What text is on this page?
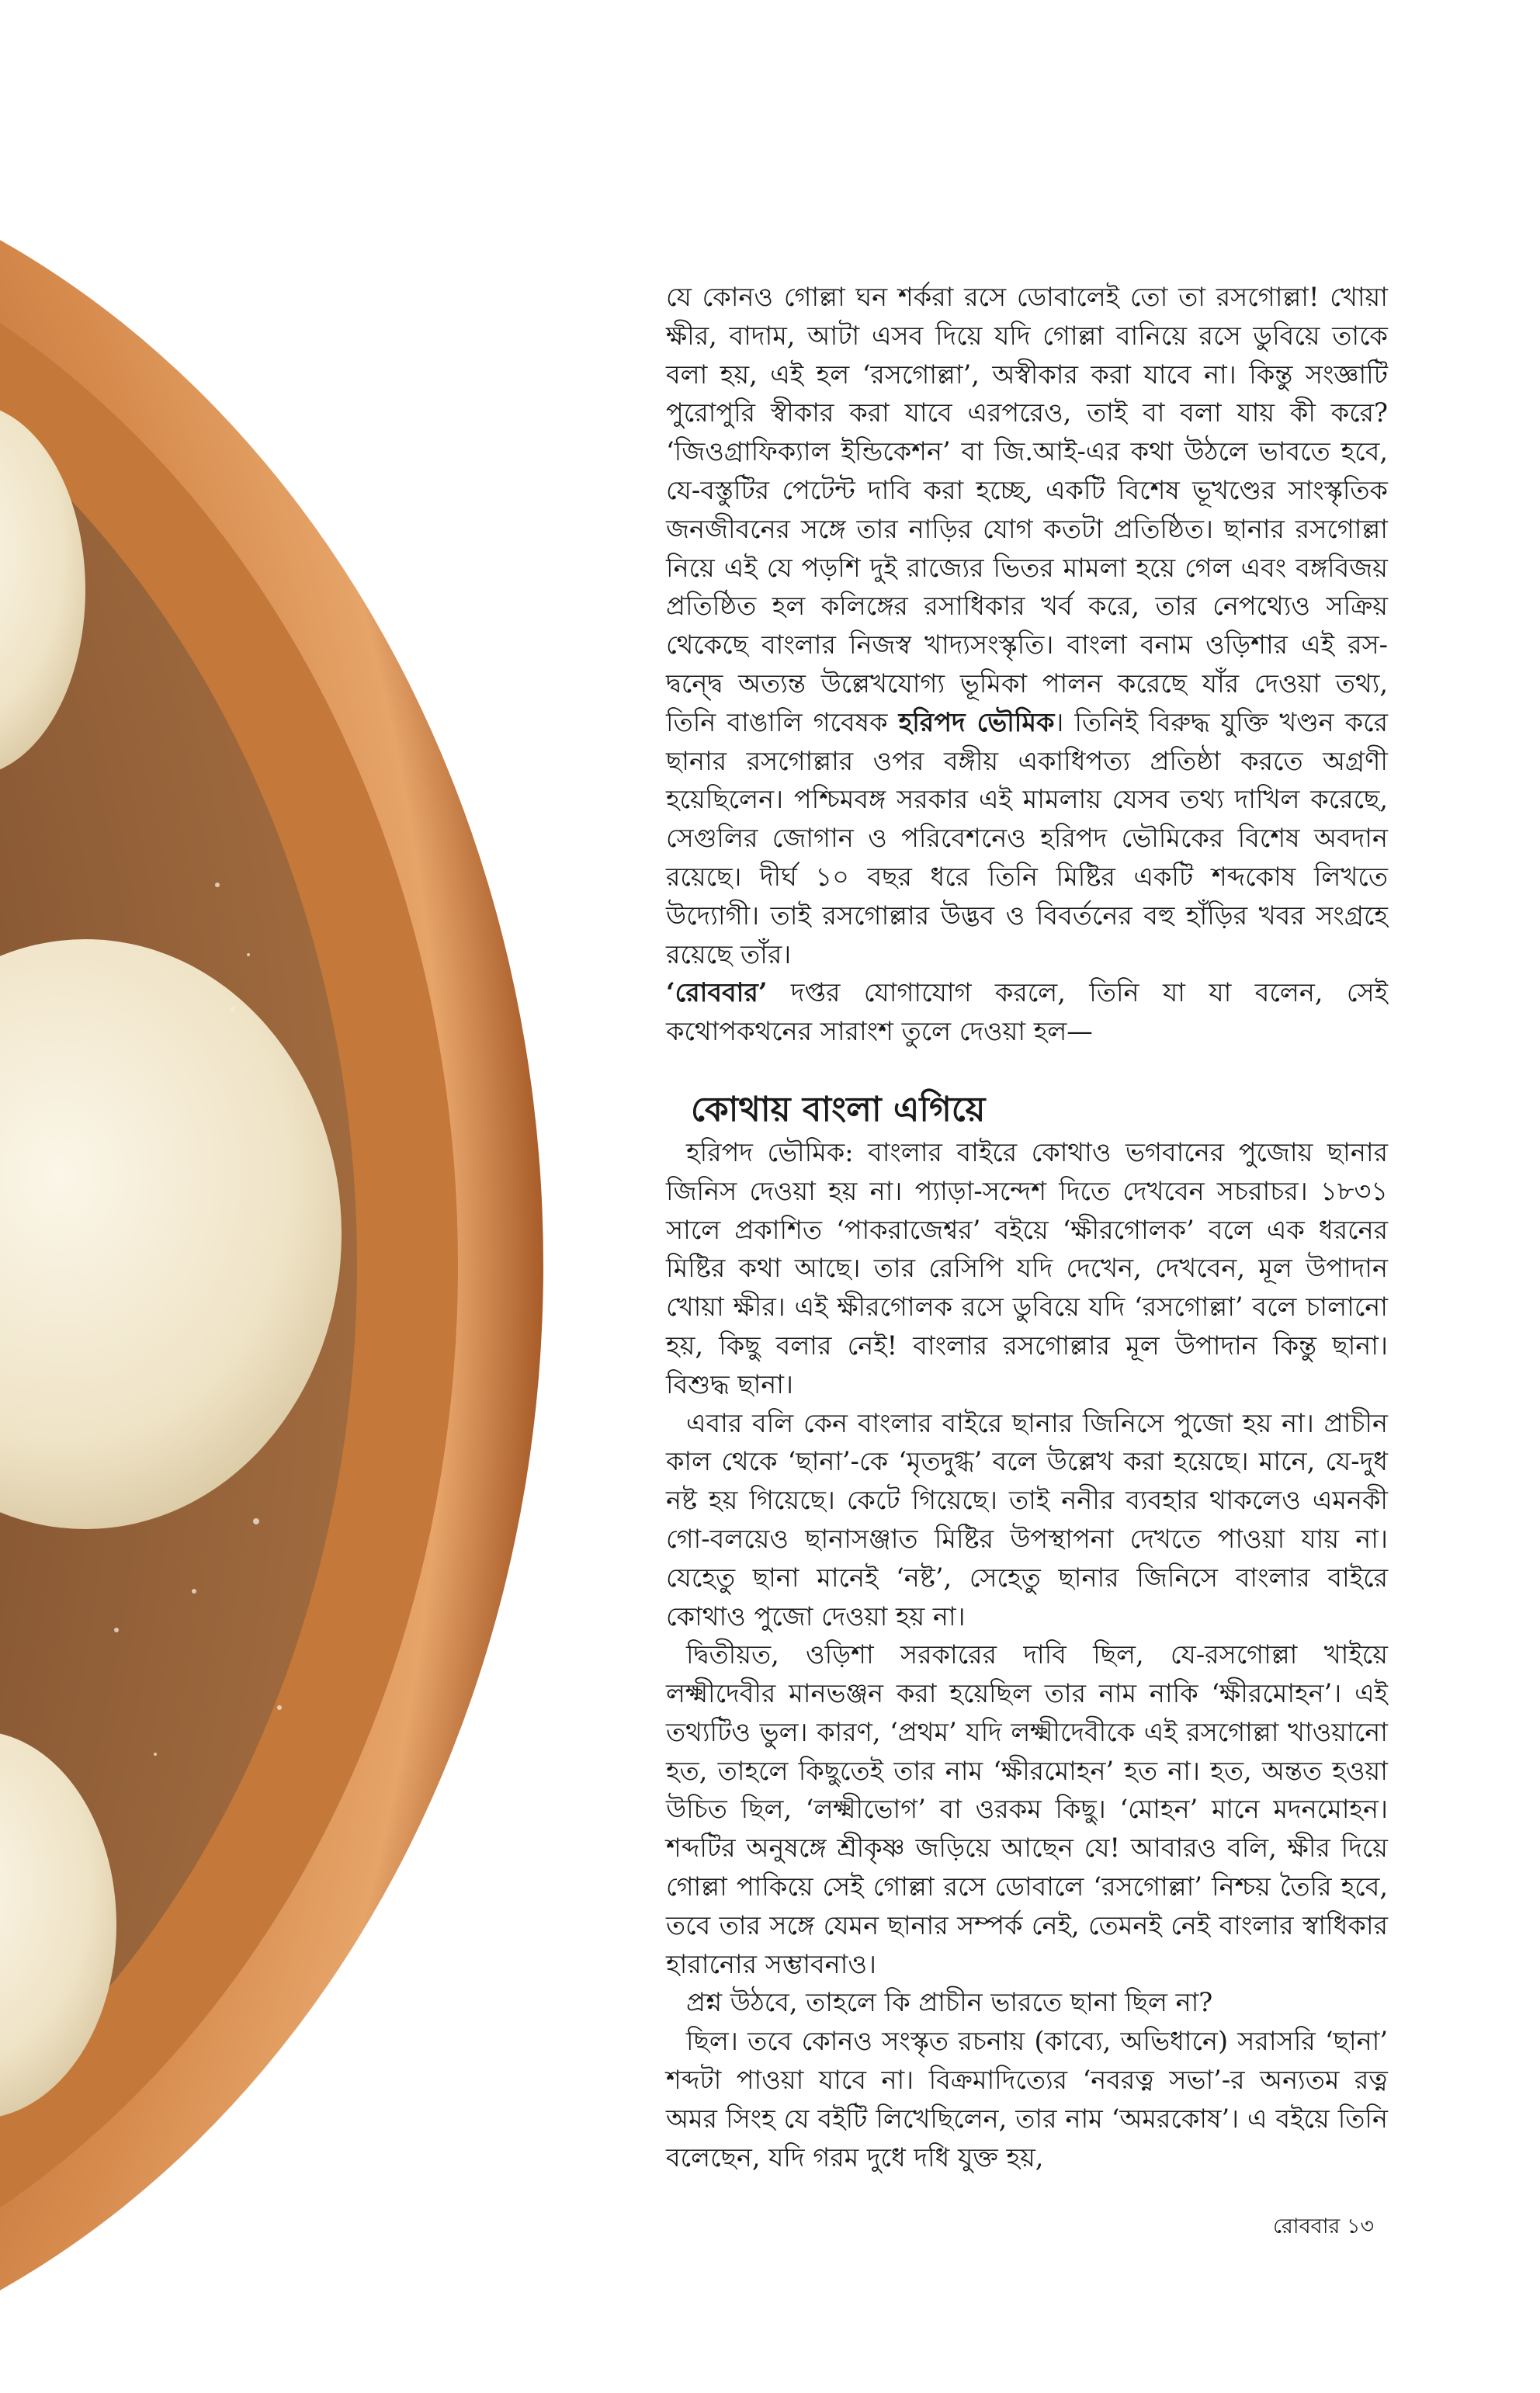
যে কোনও গোল্লা ঘন শর্করা রসে ডোবালেই তো তা রসগোল্লা! খোয়া ক্ষীর, বাদাম, আটা এসব দিয়ে যদি গোল্লা বানিয়ে রসে ডুবিয়ে তাকে বলা হয়, এই হল ‘রসগোল্লা’, অস্বীকার করা যাবে না। কিন্তু সংজ্ঞাটি পুরোপুরি স্বীকার করা যাবে এরপরেও, তাই বা বলা যায় কী করে? ‘জিওগ্রাফিক্যাল ইন্ডিকেশন’ বা জি.আই-এর কথা উঠলে ভাবতে হবে, যে-বস্তুটির পেটেন্ট দাবি করা হচ্ছে, একটি বিশেষ ভূখণ্ডের সাংস্কৃতিক জনজীবনের সঙ্গে তার নাড়ির যোগ কতটা প্রতিষ্ঠিত। ছানার রসগোল্লা নিয়ে এই যে পড়শি দুই রাজ্যের ভিতর মামলা হয়ে গেল এবং বঙ্গবিজয় প্রতিষ্ঠিত হল কলিঙ্গের রসাধিকার খর্ব করে, তার নেপথ্যেও সক্রিয় থেকেছে বাংলার নিজস্ব খাদ্যসংস্কৃতি। বাংলা বনাম ওড়িশার এই রস-দ্বন্দ্বে অত্যন্ত উল্লেখযোগ্য ভূমিকা পালন করেছে যাঁর দেওয়া তথ্য, তিনি বাঙালি গবেষক হরিপদ ভৌমিক। তিনিই বিরুদ্ধ যুক্তি খণ্ডন করে ছানার রসগোল্লার ওপর বঙ্গীয় একাধিপত্য প্রতিষ্ঠা করতে অগ্রণী হয়েছিলেন। পশ্চিমবঙ্গ সরকার এই মামলায় যেসব তথ্য দাখিল করেছে, সেগুলির জোগান ও পরিবেশনেও হরিপদ ভৌমিকের বিশেষ অবদান রয়েছে। দীর্ঘ ১০ বছর ধরে তিনি মিষ্টির একটি শব্দকোষ লিখতে উদ্যোগী। তাই রসগোল্লার উদ্ভব ও বিবর্তনের বহু হাঁড়ির খবর সংগ্রহে রয়েছে তাঁর।
‘রোববার’ দপ্তর যোগাযোগ করলে, তিনি যা যা বলেন, সেই কথোপকথনের সারাংশ তুলে দেওয়া হল—

কোথায় বাংলা এগিয়ে

হরিপদ ভৌমিক: বাংলার বাইরে কোথাও ভগবানের পুজোয় ছানার জিনিস দেওয়া হয় না। প্যাড়া-সন্দেশ দিতে দেখবেন সচরাচর। ১৮৩১ সালে প্রকাশিত ‘পাকরাজেশ্বর’ বইয়ে ‘ক্ষীরগোলক’ বলে এক ধরনের মিষ্টির কথা আছে। তার রেসিপি যদি দেখেন, দেখবেন, মূল উপাদান খোয়া ক্ষীর। এই ক্ষীরগোলক রসে ডুবিয়ে যদি ‘রসগোল্লা’ বলে চালানো হয়, কিছু বলার নেই! বাংলার রসগোল্লার মূল উপাদান কিন্তু ছানা। বিশুদ্ধ ছানা।

এবার বলি কেন বাংলার বাইরে ছানার জিনিসে পুজো হয় না। প্রাচীন কাল থেকে ‘ছানা’-কে ‘মৃতদুগ্ধ’ বলে উল্লেখ করা হয়েছে। মানে, যে-দুধ নষ্ট হয় গিয়েছে। কেটে গিয়েছে। তাই ননীর ব্যবহার থাকলেও এমনকী গো-বলয়েও ছানাসঞ্জাত মিষ্টির উপস্থাপনা দেখতে পাওয়া যায় না। যেহেতু ছানা মানেই ‘নষ্ট’, সেহেতু ছানার জিনিসে বাংলার বাইরে কোথাও পুজো দেওয়া হয় না।

দ্বিতীয়ত, ওড়িশা সরকারের দাবি ছিল, যে-রসগোল্লা খাইয়ে লক্ষ্মীদেবীর মানভঞ্জন করা হয়েছিল তার নাম নাকি ‘ক্ষীরমোহন’। এই তথ্যটিও ভুল। কারণ, ‘প্রথম’ যদি লক্ষ্মীদেবীকে এই রসগোল্লা খাওয়ানো হত, তাহলে কিছুতেই তার নাম ‘ক্ষীরমোহন’ হত না। হত, অন্তত হওয়া উচিত ছিল, ‘লক্ষ্মীভোগ’ বা ওরকম কিছু। ‘মোহন’ মানে মদনমোহন। শব্দটির অনুষঙ্গে শ্রীকৃষ্ণ জড়িয়ে আছেন যে! আবারও বলি, ক্ষীর দিয়ে গোল্লা পাকিয়ে সেই গোল্লা রসে ডোবালে ‘রসগোল্লা’ নিশ্চয় তৈরি হবে, তবে তার সঙ্গে যেমন ছানার সম্পর্ক নেই, তেমনই নেই বাংলার স্বাধিকার হারানোর সম্ভাবনাও।

প্রশ্ন উঠবে, তাহলে কি প্রাচীন ভারতে ছানা ছিল না?

ছিল। তবে কোনও সংস্কৃত রচনায় (কাব্যে, অভিধানে) সরাসরি ‘ছানা’ শব্দটা পাওয়া যাবে না। বিক্রমাদিত্যের ‘নবরত্ন সভা’-র অন্যতম রত্ন অমর সিংহ যে বইটি লিখেছিলেন, তার নাম ‘অমরকোষ’। এ বইয়ে তিনি বলেছেন, যদি গরম দুধে দধি যুক্ত হয়,

রোববার ১৩
